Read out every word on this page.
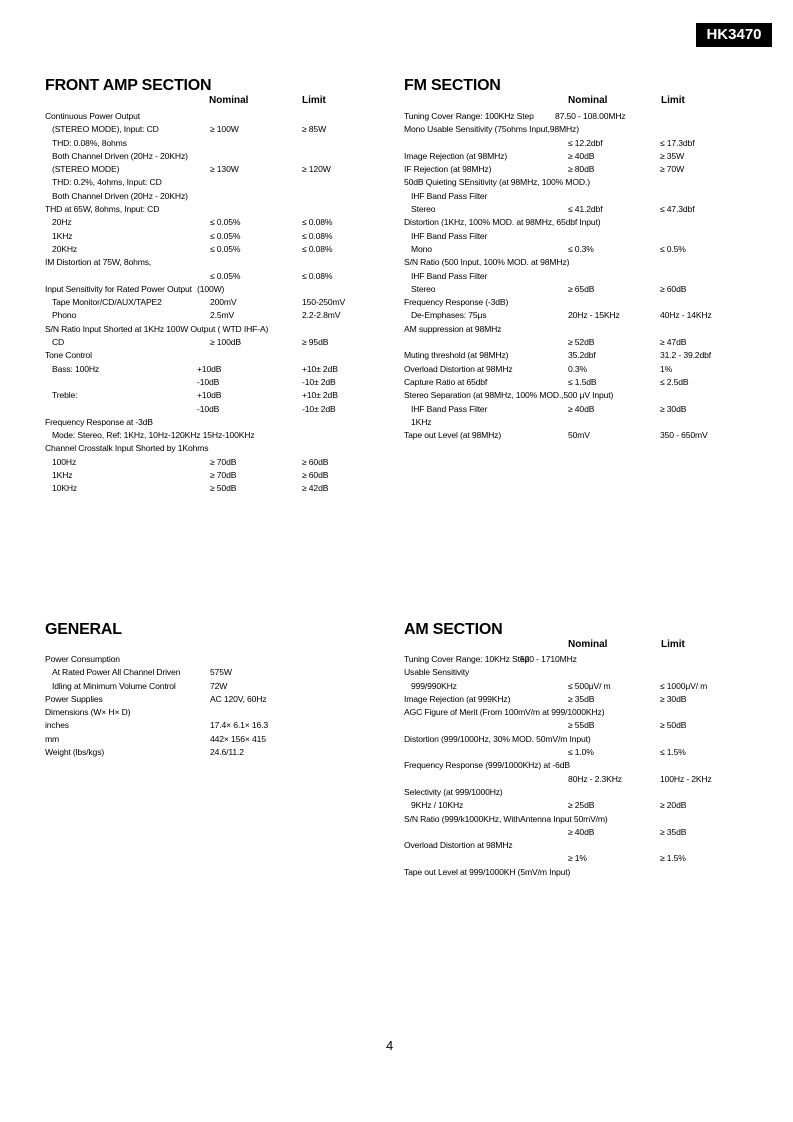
HK3470
FRONT AMP SECTION
Nominal	Limit
Continuous Power Output
(STEREO MODE), Input: CD	≥ 100W	≥ 85W
THD: 0.08%, 8ohms
Both Channel Driven (20Hz - 20KHz)
(STEREO MODE)	≥ 130W	≥ 120W
THD: 0.2%, 4ohms, Input: CD
Both Channel Driven (20Hz - 20KHz)
THD at 65W, 8ohms, Input: CD
20Hz	≤ 0.05%	≤ 0.08%
1KHz	≤ 0.05%	≤ 0.08%
20KHz	≤ 0.05%	≤ 0.08%
IM Distortion at 75W, 8ohms,
≤ 0.05%	≤ 0.08%
Input Sensitivity for Rated Power Output (100W)
Tape Monitor/CD/AUX/TAPE2	200mV	150-250mV
Phono	2.5mV	2.2-2.8mV
S/N Ratio Input Shorted at 1KHz 100W Output ( WTD IHF-A)
CD	≥ 100dB	≥ 95dB
Tone Control
Bass: 100Hz	+10dB	+10± 2dB
-10dB	-10± 2dB
Treble:	+10dB	+10± 2dB
-10dB	-10± 2dB
Frequency Response at -3dB
Mode: Stereo, Ref: 1KHz, 10Hz-120KHz 15Hz-100KHz
Channel Crosstalk Input Shorted by 1Kohms
100Hz	≥ 70dB	≥ 60dB
1KHz	≥ 70dB	≥ 60dB
10KHz	≥ 50dB	≥ 42dB
FM SECTION
Nominal	Limit
Tuning Cover Range: 100KHz Step 87.50 - 108.00MHz
Mono Usable Sensitivity (75ohms Input,98MHz)
≤ 12.2dbf	≤ 17.3dbf
Image Rejection (at 98MHz)	≥ 40dB	≥ 35W
IF Rejection (at 98MHz)	≥ 80dB	≥ 70W
50dB Quieting SEnsitivity (at 98MHz, 100% MOD.)
IHF Band Pass Filter
Stereo	≤ 41.2dbf	≤ 47.3dbf
Distortion (1KHz, 100% MOD. at 98MHz, 65dbf Input)
IHF Band Pass Filter
Mono	≤ 0.3%	≤ 0.5%
S/N Ratio (500 Input, 100% MOD. at 98MHz)
IHF Band Pass Filter
Stereo	≥ 65dB	≥ 60dB
Frequency Response (-3dB)
De-Emphases: 75μs	20Hz - 15KHz	40Hz - 14KHz
AM suppression at 98MHz
≥ 52dB	≥ 47dB
Muting threshold (at 98MHz)	35.2dbf	31.2 - 39.2dbf
Overload Distortion at 98MHz	0.3%	1%
Capture Ratio at 65dbf	≤ 1.5dB	≤ 2.5dB
Stereo Separation (at 98MHz, 100% MOD.,500 μV Input)
IHF Band Pass Filter	≥ 40dB	≥ 30dB
1KHz
Tape out Level (at 98MHz)	50mV	350 - 650mV
GENERAL
Power Consumption
At Rated Power All Channel Driven	575W
Idling at Minimum Volume Control	72W
Power Supplies	AC 120V, 60Hz
Dimensions (W× H× D)
inches	17.4× 6.1× 16.3
mm	442× 156× 415
Weight (lbs/kgs)	24.6/11.2
AM SECTION
Nominal	Limit
Tuning Cover Range: 10KHz Step
520 - 1710MHz
Usable Sensitivity
999/990KHz	≤ 500μV/ m	≤ 1000μV/ m
Image Rejection (at 999KHz)	≥ 35dB	≥ 30dB
AGC Figure of Merit (From 100mV/m at 999/1000KHz)
≥ 55dB	≥ 50dB
Distortion (999/1000Hz, 30% MOD. 50mV/m Input)
≤ 1.0%	≤ 1.5%
Frequency Response (999/1000KHz) at -6dB
80Hz - 2.3KHz	100Hz - 2KHz
Selectivity (at 999/1000Hz)
9KHz / 10KHz	≥ 25dB	≥ 20dB
S/N Ratio (999/k1000KHz, WithAntenna Input 50mV/m)
≥ 40dB	≥ 35dB
Overload Distortion at 98MHz
≥ 1%	≥ 1.5%
Tape out Level at 999/1000KH (5mV/m Input)
4
